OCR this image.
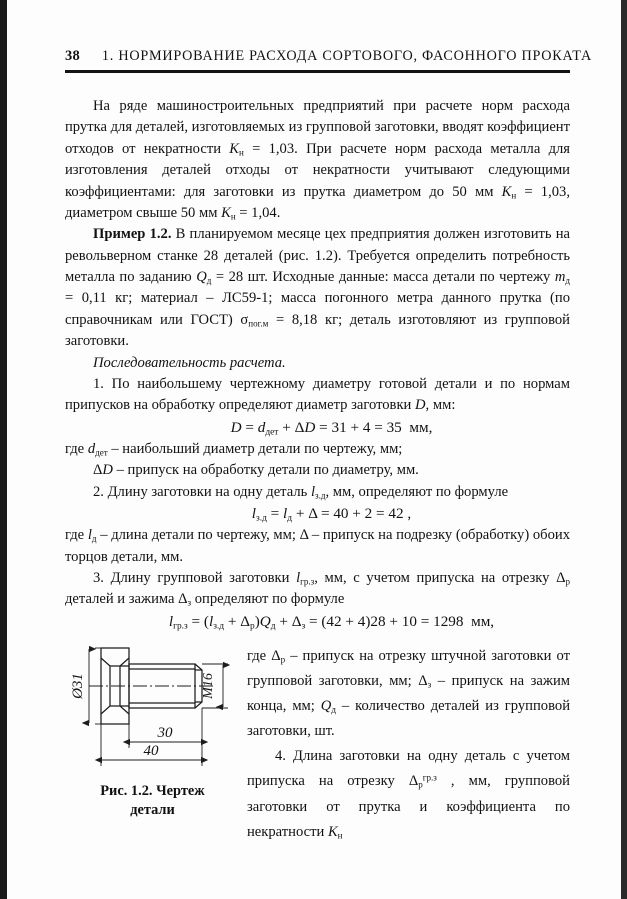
38 1. НОРМИРОВАНИЕ РАСХОДА СОРТОВОГО, ФАСОННОГО ПРОКАТА

На ряде машиностроительных предприятий при расчете норм расхода прутка для деталей, изготовляемых из групповой заготовки, вводят коэффициент отходов от некратности $K_н = 1,03$. При расчете норм расхода металла для изготовления деталей отходы от некратности учитывают следующими коэффициентами: для заготовки из прутка диаметром до 50 мм $K_н = 1,03$, диаметром свыше 50 мм $K_н = 1,04$.

Пример 1.2. В планируемом месяце цех предприятия должен изготовить на револьверном станке 28 деталей (рис. 1.2). Требуется определить потребность металла по заданию $Q_д = 28$ шт. Исходные данные: масса детали по чертежу $m_д = 0,11$ кг; материал – ЛС59-1; масса погонного метра данного прутка (по справочникам или ГОСТ) $\sigma_{пог.м} = 8,18$ кг; деталь изготовляют из групповой заготовки.

Последовательность расчета.

1. По наибольшему чертежному диаметру готовой детали и по нормам припусков на обработку определяют диаметр заготовки D, мм:

$D = d_{дет} + \Delta D = 31 + 4 = 35$ мм,

где $d_{дет}$ – наибольший диаметр детали по чертежу, мм;

ΔD – припуск на обработку детали по диаметру, мм.

2. Длину заготовки на одну деталь $l_{з.д}$, мм, определяют по формуле

$l_{з.д} = l_д + \Delta = 40 + 2 = 42$ ,

где $l_д$ – длина детали по чертежу, мм; Δ – припуск на подрезку (обработку) обоих торцов детали, мм.

3. Длину групповой заготовки $l_{гр.з}$, мм, с учетом припуска на отрезку $\Delta_р$ деталей и зажима $\Delta_з$ определяют по формуле

$l_{гр.з} = (l_{з.д} + \Delta_р)Q_д + \Delta_з = (42 + 4)28 + 10 = 1298$ мм,

Ø31	M16
30
40
Рис. 1.2. Чертеж
детали

где $\Delta_р$ – припуск на отрезку штучной заготовки от групповой заготовки, мм; $\Delta_з$ – припуск на зажим конца, мм; $Q_д$ – количество деталей из групповой заготовки, шт.

4. Длина заготовки на одну деталь с учетом припуска на отрезку $\Delta_р^{гр.з}$ , мм, групповой заготовки от прутка и коэффициента по некратности $K_н$
